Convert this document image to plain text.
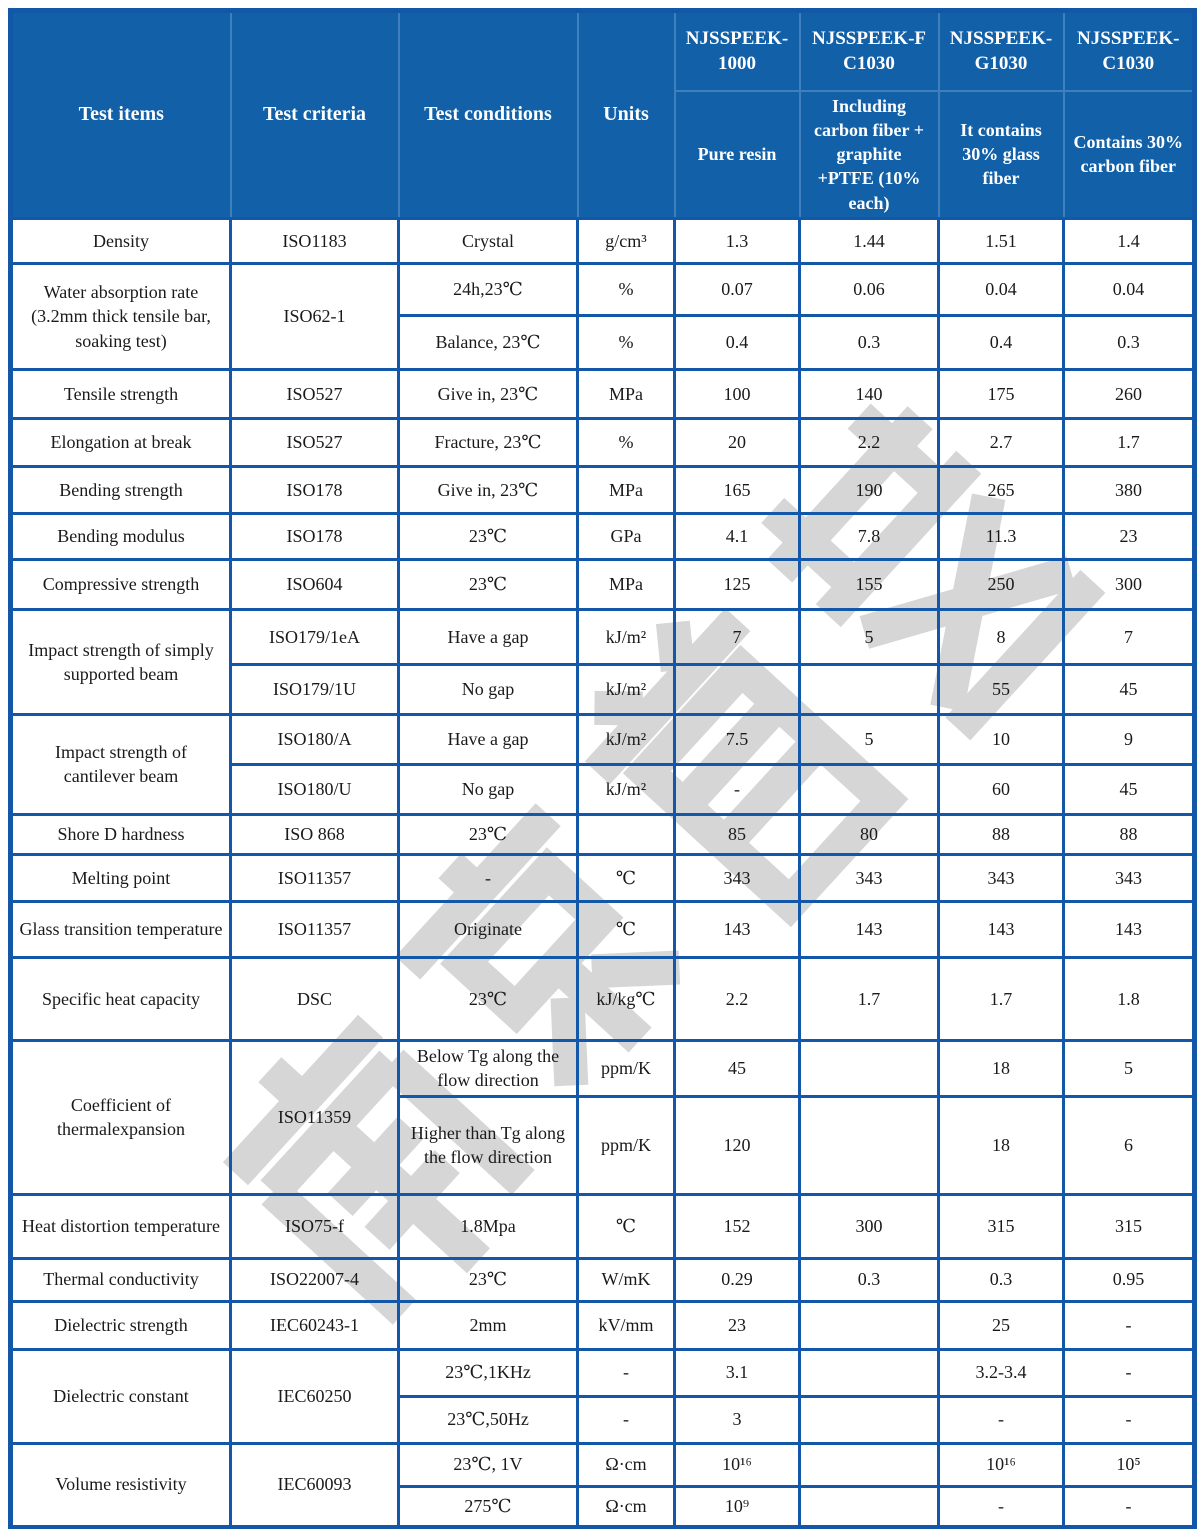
Test items	Test criteria	Test conditions	Units	NJSSPEEK-1000	NJSSPEEK-FC1030	NJSSPEEK-G1030	NJSSPEEK-C1030
				Pure resin	Including carbon fiber + graphite +PTFE (10% each)	It contains 30% glass fiber	Contains 30% carbon fiber
Density	ISO1183	Crystal	g/cm³	1.3	1.44	1.51	1.4
Water absorption rate (3.2mm thick tensile bar, soaking test)	ISO62-1	24h,23℃	%	0.07	0.06	0.04	0.04
		Balance, 23℃	%	0.4	0.3	0.4	0.3
Tensile strength	ISO527	Give in, 23℃	MPa	100	140	175	260
Elongation at break	ISO527	Fracture, 23℃	%	20	2.2	2.7	1.7
Bending strength	ISO178	Give in, 23℃	MPa	165	190	265	380
Bending modulus	ISO178	23℃	GPa	4.1	7.8	11.3	23
Compressive strength	ISO604	23℃	MPa	125	155	250	300
Impact strength of simply supported beam	ISO179/1eA	Have a gap	kJ/m²	7	5	8	7
	ISO179/1U	No gap	kJ/m²			55	45
Impact strength of cantilever beam	ISO180/A	Have a gap	kJ/m²	7.5	5	10	9
	ISO180/U	No gap	kJ/m²	-		60	45
Shore D hardness	ISO 868	23℃		85	80	88	88
Melting point	ISO11357	-	℃	343	343	343	343
Glass transition temperature	ISO11357	Originate	℃	143	143	143	143
Specific heat capacity	DSC	23℃	kJ/kg℃	2.2	1.7	1.7	1.8
Coefficient of thermalexpansion	ISO11359	Below Tg along the flow direction	ppm/K	45		18	5
		Higher than Tg along the flow direction	ppm/K	120		18	6
Heat distortion temperature	ISO75-f	1.8Mpa	℃	152	300	315	315
Thermal conductivity	ISO22007-4	23℃	W/mK	0.29	0.3	0.3	0.95
Dielectric strength	IEC60243-1	2mm	kV/mm	23		25	-
Dielectric constant	IEC60250	23℃,1KHz	-	3.1		3.2-3.4	-
		23℃,50Hz	-	3		-	-
Volume resistivity	IEC60093	23℃, 1V	Ω·cm	10¹⁶		10¹⁶	10⁵
		275℃	Ω·cm	10⁹		-	-
